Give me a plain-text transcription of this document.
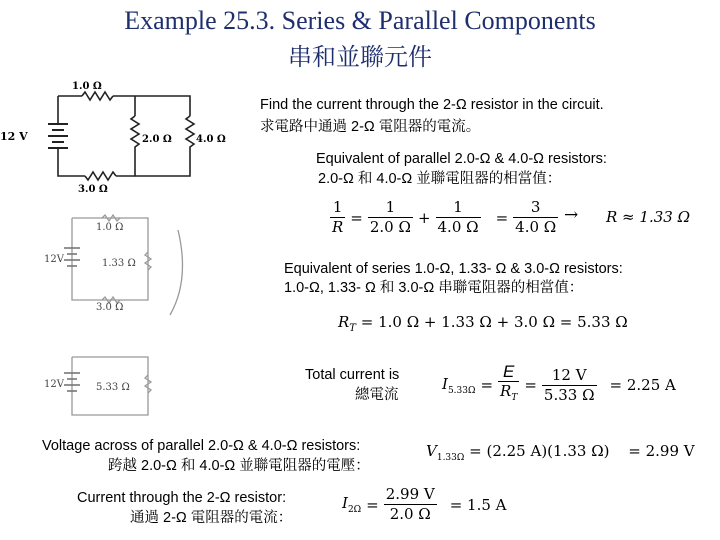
Example 25.3. Series & Parallel Components
串和並聯元件
1.0 Ω
3.0 Ω
2.0 Ω 4.0 Ω
12 V
1.0 Ω
1.33 Ω
3.0 Ω
12V
5.33 Ω
12V
Find the current through the 2-Ω resistor in the circuit.
求電路中通過 2-Ω 電阻器的電流。
Equivalent of parallel 2.0-Ω & 4.0-Ω resistors:
2.0-Ω 和 4.0-Ω 並聯電阻器的相當值：
$\frac{1}{R} = \frac{1}{2.0 \Omega} + \frac{1}{4.0 \Omega} = \frac{3}{4.0 \Omega} \to R \approx 1.33$ Ω
Equivalent of series 1.0-Ω, 1.33- Ω & 3.0-Ω resistors:
1.0-Ω, 1.33- Ω 和 3.0-Ω 串聯電阻器的相當值：
$R_T = 1.0$ Ω + 1.33 Ω + 3.0 Ω = 5.33 Ω
Total current is
總電流
$I_{5.33\Omega} = \frac{E}{R_T} = \frac{12 V}{5.33 \Omega} = 2.25$ A
Voltage across of parallel 2.0-Ω & 4.0-Ω resistors:
跨越 2.0-Ω 和 4.0-Ω 並聯電阻器的電壓：
$V_{1.33\Omega} = (2.25$ A)(1.33 Ω) = 2.99 V
Current through the 2-Ω resistor:
通過 2-Ω 電阻器的電流：
$I_{2\Omega} = \frac{2.99 V}{2.0 \Omega} = 1.5$ A
